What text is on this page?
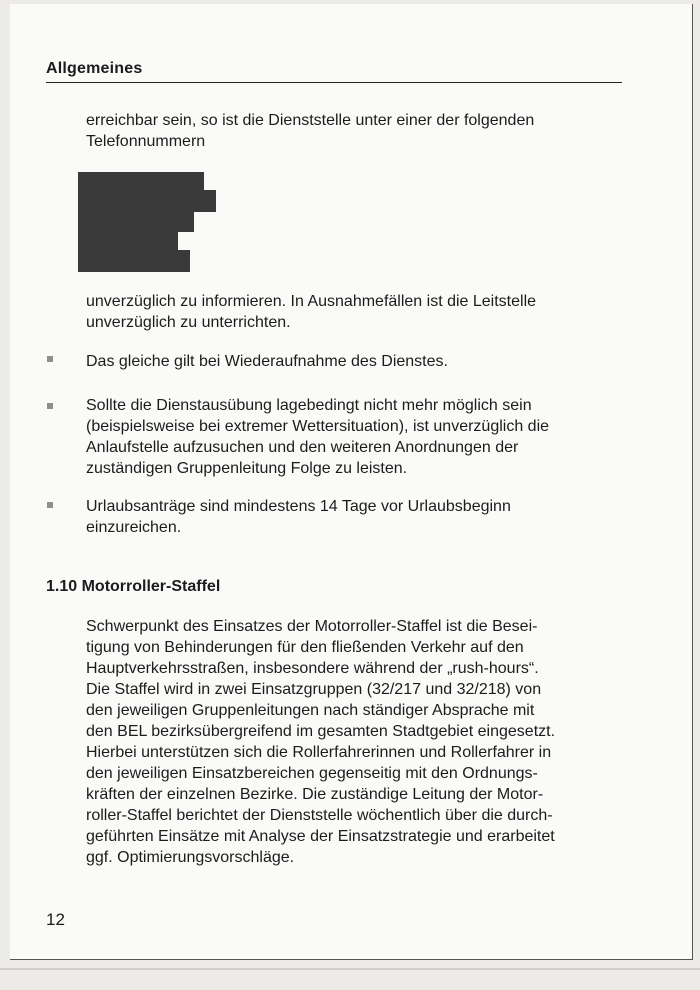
Allgemeines
erreichbar sein, so ist die Dienststelle unter einer der folgenden
Telefonnummern
unverzüglich zu informieren. In Ausnahmefällen ist die Leitstelle
unverzüglich zu unterrichten.
Das gleiche gilt bei Wiederaufnahme des Dienstes.
Sollte die Dienstausübung lagebedingt nicht mehr möglich sein
(beispielsweise bei extremer Wettersituation), ist unverzüglich die
Anlaufstelle aufzusuchen und den weiteren Anordnungen der
zuständigen Gruppenleitung Folge zu leisten.
Urlaubsanträge sind mindestens 14 Tage vor Urlaubsbeginn
einzureichen.
1.10 Motorroller-Staffel
Schwerpunkt des Einsatzes der Motorroller-Staffel ist die Besei-
tigung von Behinderungen für den fließenden Verkehr auf den
Hauptverkehrsstraßen, insbesondere während der „rush-hours“.
Die Staffel wird in zwei Einsatzgruppen (32/217 und 32/218) von
den jeweiligen Gruppenleitungen nach ständiger Absprache mit
den BEL bezirksübergreifend im gesamten Stadtgebiet eingesetzt.
Hierbei unterstützen sich die Rollerfahrerinnen und Rollerfahrer in
den jeweiligen Einsatzbereichen gegenseitig mit den Ordnungs-
kräften der einzelnen Bezirke. Die zuständige Leitung der Motor-
roller-Staffel berichtet der Dienststelle wöchentlich über die durch-
geführten Einsätze mit Analyse der Einsatzstrategie und erarbeitet
ggf. Optimierungsvorschläge.
12
